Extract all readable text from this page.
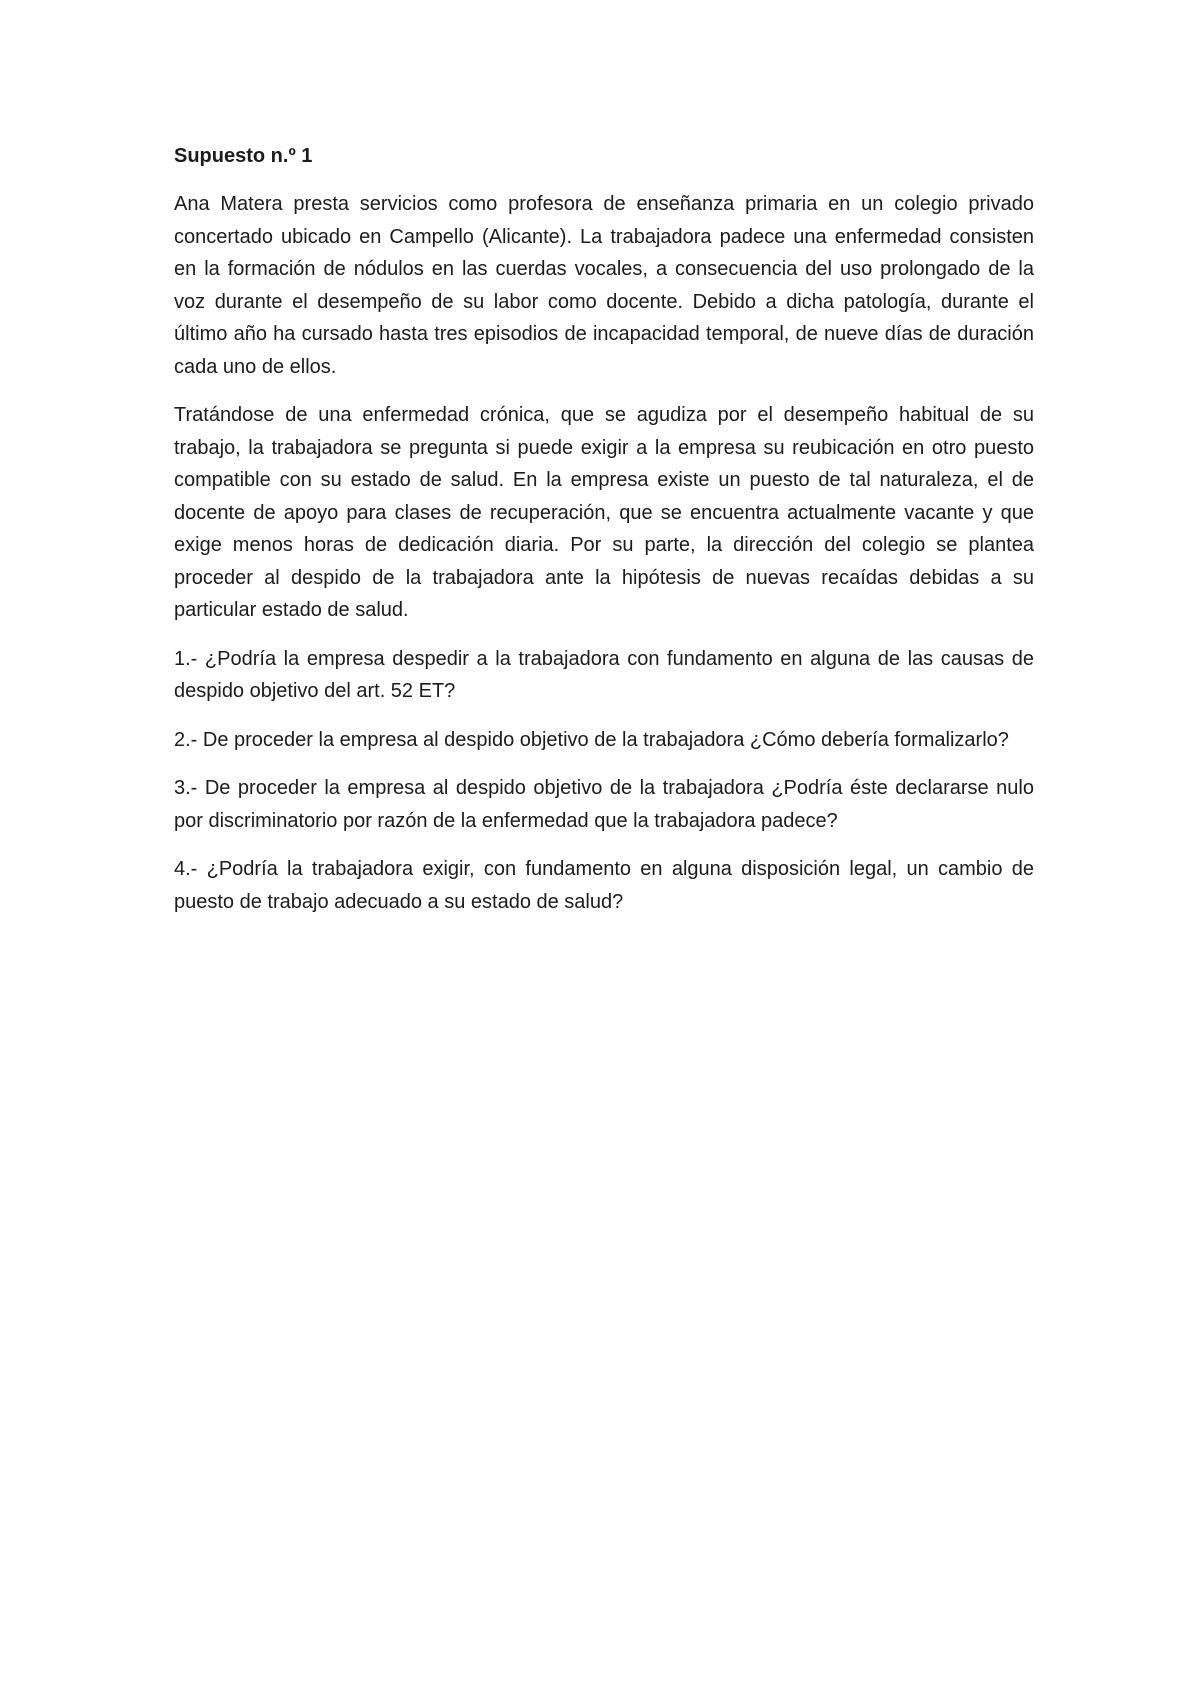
Supuesto n.º 1

Ana Matera presta servicios como profesora de enseñanza primaria en un colegio privado concertado ubicado en Campello (Alicante). La trabajadora padece una enfermedad consisten en la formación de nódulos en las cuerdas vocales, a consecuencia del uso prolongado de la voz durante el desempeño de su labor como docente. Debido a dicha patología, durante el último año ha cursado hasta tres episodios de incapacidad temporal, de nueve días de duración cada uno de ellos.

Tratándose de una enfermedad crónica, que se agudiza por el desempeño habitual de su trabajo, la trabajadora se pregunta si puede exigir a la empresa su reubicación en otro puesto compatible con su estado de salud. En la empresa existe un puesto de tal naturaleza, el de docente de apoyo para clases de recuperación, que se encuentra actualmente vacante y que exige menos horas de dedicación diaria. Por su parte, la dirección del colegio se plantea proceder al despido de la trabajadora ante la hipótesis de nuevas recaídas debidas a su particular estado de salud.

1.- ¿Podría la empresa despedir a la trabajadora con fundamento en alguna de las causas de despido objetivo del art. 52 ET?

2.- De proceder la empresa al despido objetivo de la trabajadora ¿Cómo debería formalizarlo?

3.- De proceder la empresa al despido objetivo de la trabajadora ¿Podría éste declararse nulo por discriminatorio por razón de la enfermedad que la trabajadora padece?

4.- ¿Podría la trabajadora exigir, con fundamento en alguna disposición legal, un cambio de puesto de trabajo adecuado a su estado de salud?
